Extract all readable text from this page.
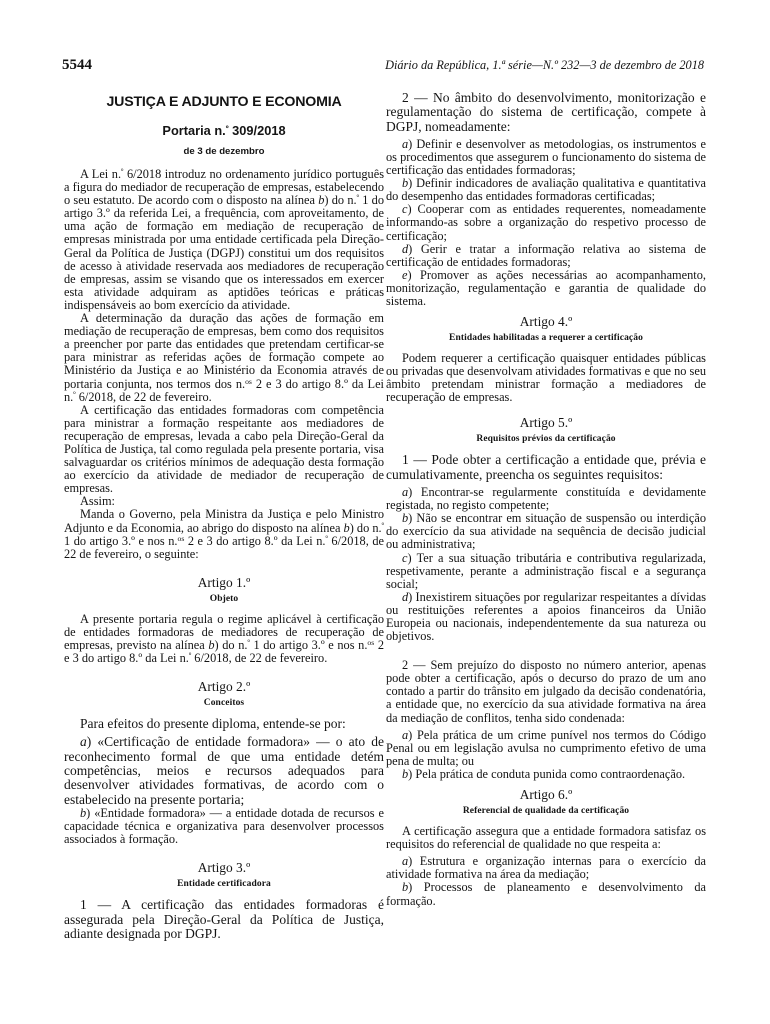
5544	Diário da República, 1.ª série—N.º 232—3 de dezembro de 2018
JUSTIÇA E ADJUNTO E ECONOMIA
Portaria n.$^º$ 309/2018
de 3 de dezembro

A Lei n.$^º$ 6/2018 introduz no ordenamento jurídico português a figura do mediador de recuperação de empresas, estabelecendo o seu estatuto. De acordo com o disposto na alínea b) do n.$^º$ 1 do artigo 3.º da referida Lei, a frequência, com aproveitamento, de uma ação de formação em mediação de recuperação de empresas ministrada por uma entidade certificada pela Direção-Geral da Política de Justiça (DGPJ) constitui um dos requisitos de acesso à atividade reservada aos mediadores de recuperação de empresas, assim se visando que os interessados em exercer esta atividade adquiram as aptidões teóricas e práticas indispensáveis ao bom exercício da atividade.

A determinação da duração das ações de formação em mediação de recuperação de empresas, bem como dos requisitos a preencher por parte das entidades que pretendam certificar-se para ministrar as referidas ações de formação compete ao Ministério da Justiça e ao Ministério da Economia através de portaria conjunta, nos termos dos n.$^{os}$ 2 e 3 do artigo 8.º da Lei n.$^º$ 6/2018, de 22 de fevereiro.

A certificação das entidades formadoras com competência para ministrar a formação respeitante aos mediadores de recuperação de empresas, levada a cabo pela Direção-Geral da Política de Justiça, tal como regulada pela presente portaria, visa salvaguardar os critérios mínimos de adequação desta formação ao exercício da atividade de mediador de recuperação de empresas.

Assim:

Manda o Governo, pela Ministra da Justiça e pelo Ministro Adjunto e da Economia, ao abrigo do disposto na alínea b) do n.$^º$ 1 do artigo 3.º e nos n.$^{os}$ 2 e 3 do artigo 8.º da Lei n.$^º$ 6/2018, de 22 de fevereiro, o seguinte:

Artigo 1.º
Objeto

A presente portaria regula o regime aplicável à certificação de entidades formadoras de mediadores de recuperação de empresas, previsto na alínea b) do n.$^º$ 1 do artigo 3.º e nos n.$^{os}$ 2 e 3 do artigo 8.º da Lei n.$^º$ 6/2018, de 22 de fevereiro.

Artigo 2.º
Conceitos

Para efeitos do presente diploma, entende-se por:

a) «Certificação de entidade formadora» — o ato de reconhecimento formal de que uma entidade detém competências, meios e recursos adequados para desenvolver atividades formativas, de acordo com o estabelecido na presente portaria;

b) «Entidade formadora» — a entidade dotada de recursos e capacidade técnica e organizativa para desenvolver processos associados à formação.

Artigo 3.º
Entidade certificadora

1 — A certificação das entidades formadoras é assegurada pela Direção-Geral da Política de Justiça, adiante designada por DGPJ.

2 — No âmbito do desenvolvimento, monitorização e regulamentação do sistema de certificação, compete à DGPJ, nomeadamente:

a) Definir e desenvolver as metodologias, os instrumentos e os procedimentos que assegurem o funcionamento do sistema de certificação das entidades formadoras;

b) Definir indicadores de avaliação qualitativa e quantitativa do desempenho das entidades formadoras certificadas;

c) Cooperar com as entidades requerentes, nomeadamente informando-as sobre a organização do respetivo processo de certificação;

d) Gerir e tratar a informação relativa ao sistema de certificação de entidades formadoras;

e) Promover as ações necessárias ao acompanhamento, monitorização, regulamentação e garantia de qualidade do sistema.

Artigo 4.º
Entidades habilitadas a requerer a certificação

Podem requerer a certificação quaisquer entidades públicas ou privadas que desenvolvam atividades formativas e que no seu âmbito pretendam ministrar formação a mediadores de recuperação de empresas.

Artigo 5.º
Requisitos prévios da certificação

1 — Pode obter a certificação a entidade que, prévia e cumulativamente, preencha os seguintes requisitos:

a) Encontrar-se regularmente constituída e devidamente registada, no registo competente;

b) Não se encontrar em situação de suspensão ou interdição do exercício da sua atividade na sequência de decisão judicial ou administrativa;

c) Ter a sua situação tributária e contributiva regularizada, respetivamente, perante a administração fiscal e a segurança social;

d) Inexistirem situações por regularizar respeitantes a dívidas ou restituições referentes a apoios financeiros da União Europeia ou nacionais, independentemente da sua natureza ou objetivos.

2 — Sem prejuízo do disposto no número anterior, apenas pode obter a certificação, após o decurso do prazo de um ano contado a partir do trânsito em julgado da decisão condenatória, a entidade que, no exercício da sua atividade formativa na área da mediação de conflitos, tenha sido condenada:

a) Pela prática de um crime punível nos termos do Código Penal ou em legislação avulsa no cumprimento efetivo de uma pena de multa; ou

b) Pela prática de conduta punida como contraordenação.

Artigo 6.º
Referencial de qualidade da certificação

A certificação assegura que a entidade formadora satisfaz os requisitos do referencial de qualidade no que respeita a:

a) Estrutura e organização internas para o exercício da atividade formativa na área da mediação;

b) Processos de planeamento e desenvolvimento da formação.
